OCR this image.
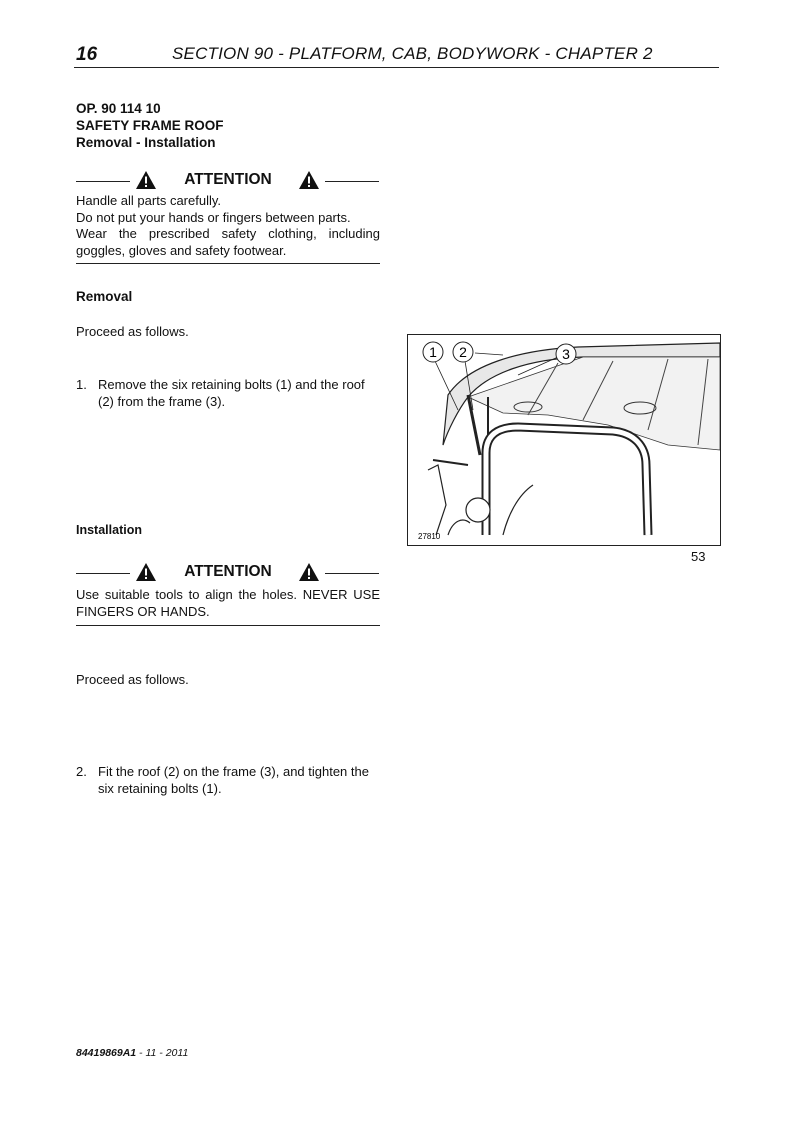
16	SECTION 90 - PLATFORM, CAB, BODYWORK - CHAPTER 2
OP. 90 114 10
SAFETY FRAME ROOF
Removal - Installation
ATTENTION
Handle all parts carefully.
Do not put your hands or fingers between parts.
Wear the prescribed safety clothing, including goggles, gloves and safety footwear.
Removal
Proceed as follows.
1. Remove the six retaining bolts (1) and the roof (2) from the frame (3).
Installation
ATTENTION
Use suitable tools to align the holes. NEVER USE FINGERS OR HANDS.
Proceed as follows.
2. Fit the roof (2) on the frame (3), and tighten the six retaining bolts (1).
1 2	3
27810
53
84419869A1 - 11 - 2011
